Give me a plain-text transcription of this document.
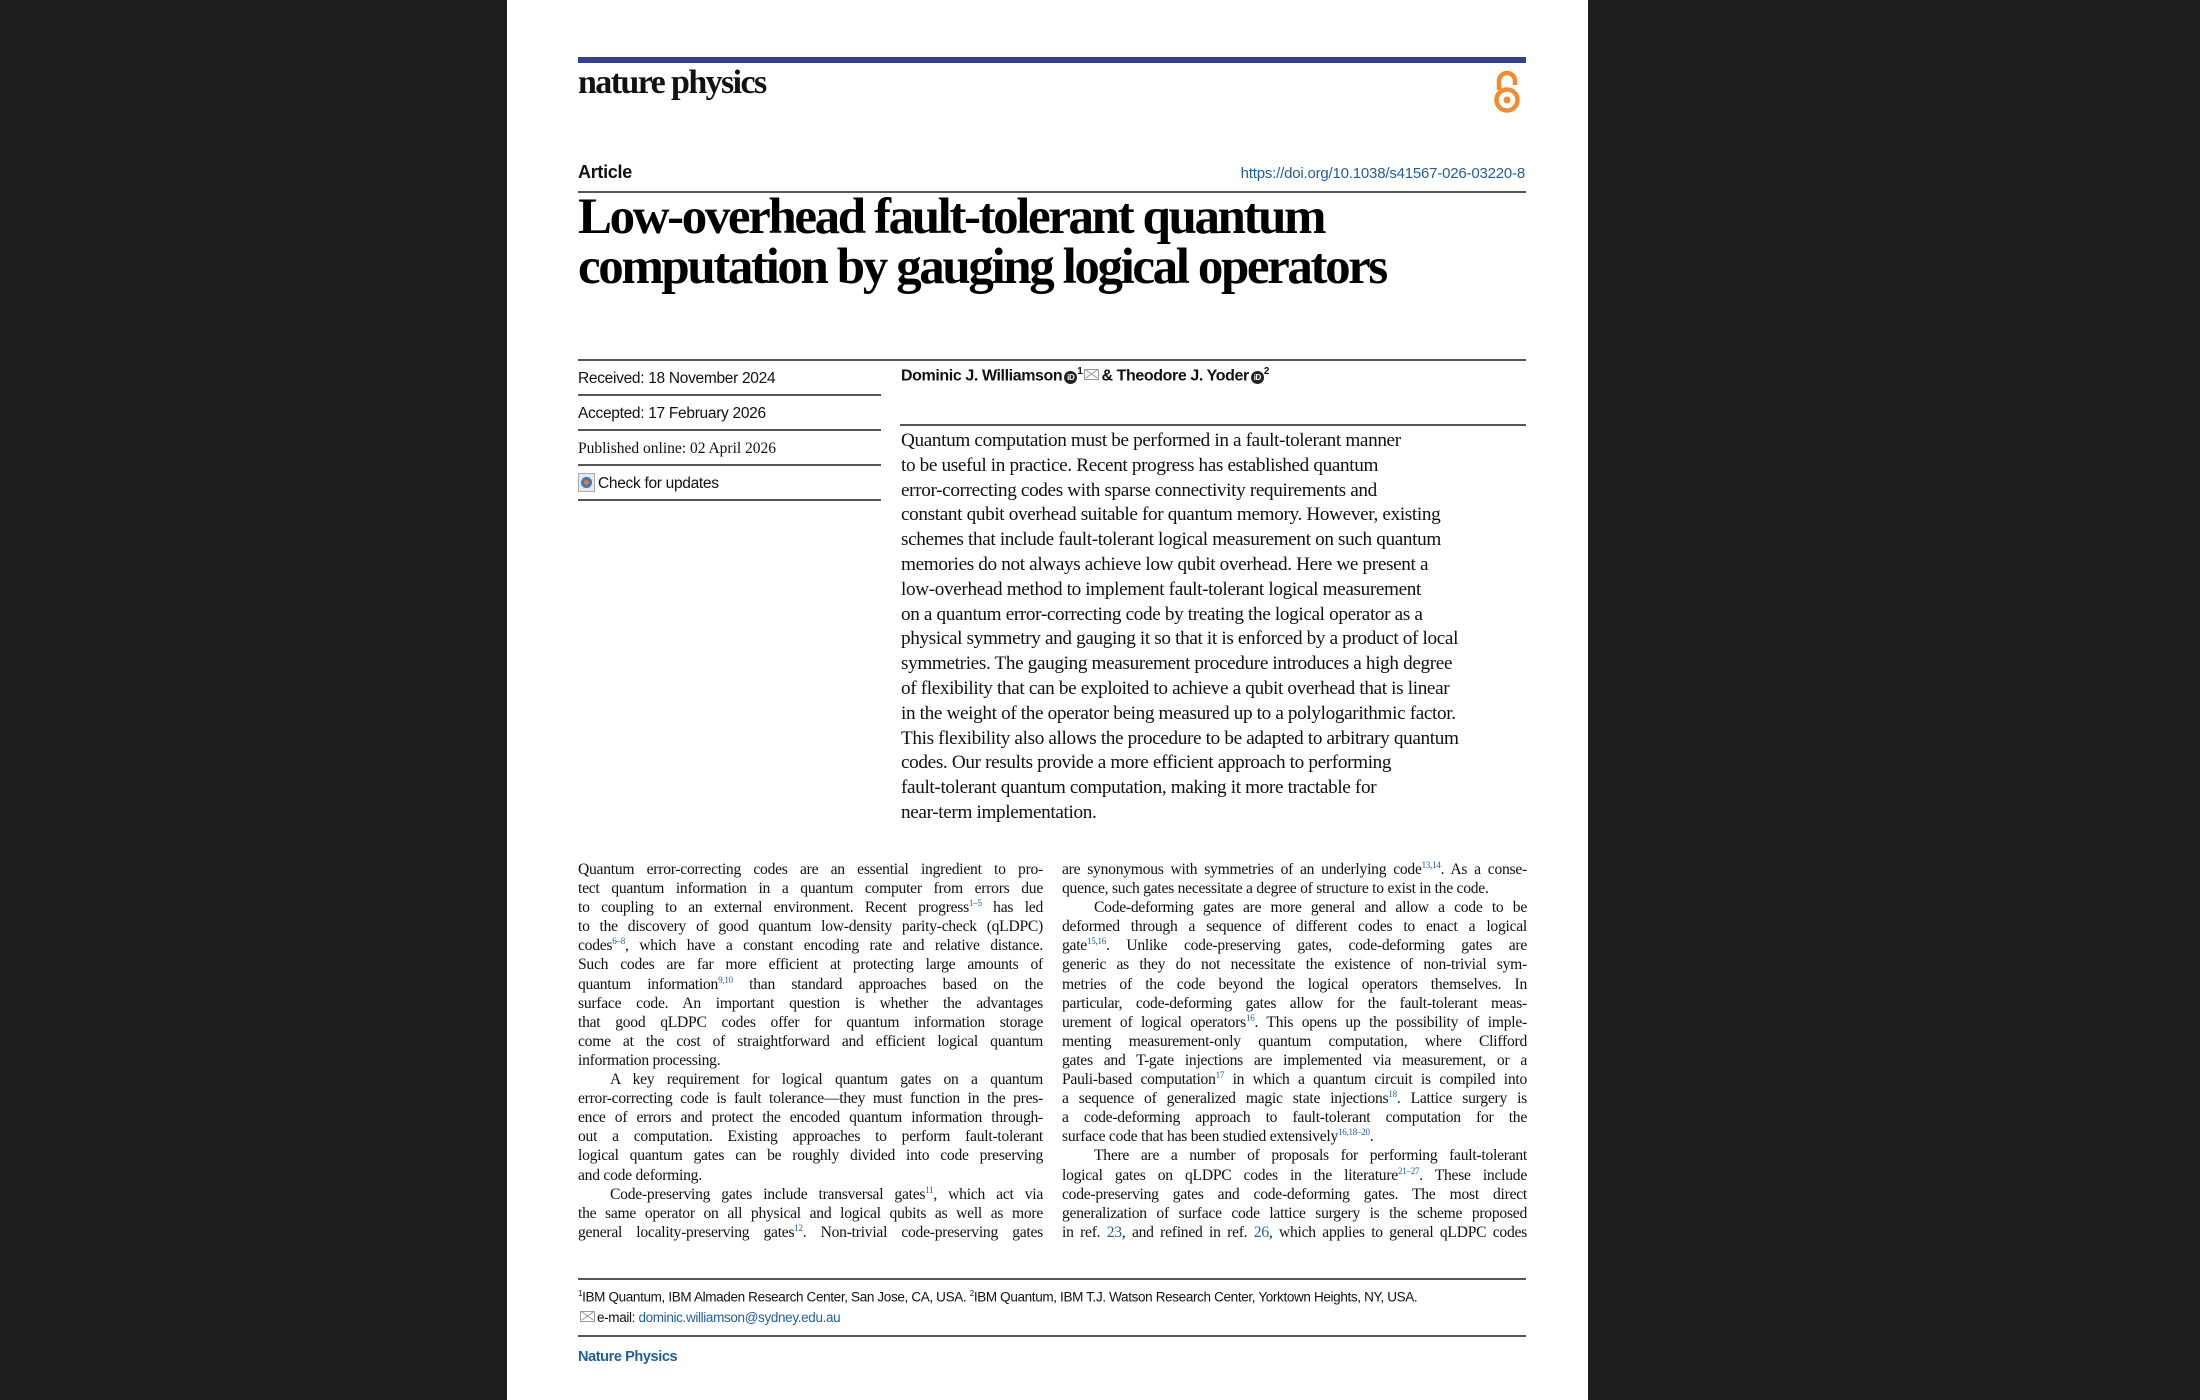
nature physics
Article	https://doi.org/10.1038/s41567-026-03220-8
Low-overhead fault-tolerant quantum
computation by gauging logical operators
Received: 18 November 2024
Accepted: 17 February 2026
Published online: 02 April 2026
Check for updates
Dominic J. Williamson $iD^1$ & Theodore J. Yoder $iD^2$
Quantum computation must be performed in a fault-tolerant manner
to be useful in practice. Recent progress has established quantum
error-correcting codes with sparse connectivity requirements and
constant qubit overhead suitable for quantum memory. However, existing
schemes that include fault-tolerant logical measurement on such quantum
memories do not always achieve low qubit overhead. Here we present a
low-overhead method to implement fault-tolerant logical measurement
on a quantum error-correcting code by treating the logical operator as a
physical symmetry and gauging it so that it is enforced by a product of local
symmetries. The gauging measurement procedure introduces a high degree
of flexibility that can be exploited to achieve a qubit overhead that is linear
in the weight of the operator being measured up to a polylogarithmic factor.
This flexibility also allows the procedure to be adapted to arbitrary quantum
codes. Our results provide a more efficient approach to performing
fault-tolerant quantum computation, making it more tractable for
near-term implementation.
Quantum error-correcting codes are an essential ingredient to pro-
tect quantum information in a quantum computer from errors due
to coupling to an external environment. Recent progress$^{1-5}$ has led
to the discovery of good quantum low-density parity-check (qLDPC)
codes$^{6-8}$, which have a constant encoding rate and relative distance.
Such codes are far more efficient at protecting large amounts of
quantum information$^{9,10}$ than standard approaches based on the
surface code. An important question is whether the advantages
that good qLDPC codes offer for quantum information storage
come at the cost of straightforward and efficient logical quantum
information processing.
A key requirement for logical quantum gates on a quantum
error-correcting code is fault tolerance—they must function in the pres-
ence of errors and protect the encoded quantum information through-
out a computation. Existing approaches to perform fault-tolerant
logical quantum gates can be roughly divided into code preserving
and code deforming.
Code-preserving gates include transversal gates$^{11}$, which act via
the same operator on all physical and logical qubits as well as more
general locality-preserving gates$^{12}$. Non-trivial code-preserving gates
are synonymous with symmetries of an underlying code$^{13,14}$. As a conse-
quence, such gates necessitate a degree of structure to exist in the code.
Code-deforming gates are more general and allow a code to be
deformed through a sequence of different codes to enact a logical
gate$^{15,16}$. Unlike code-preserving gates, code-deforming gates are
generic as they do not necessitate the existence of non-trivial sym-
metries of the code beyond the logical operators themselves. In
particular, code-deforming gates allow for the fault-tolerant meas-
urement of logical operators$^{16}$. This opens up the possibility of imple-
menting measurement-only quantum computation, where Clifford
gates and T-gate injections are implemented via measurement, or a
Pauli-based computation$^{17}$ in which a quantum circuit is compiled into
a sequence of generalized magic state injections$^{18}$. Lattice surgery is
a code-deforming approach to fault-tolerant computation for the
surface code that has been studied extensively$^{16,18-20}$.
There are a number of proposals for performing fault-tolerant
logical gates on qLDPC codes in the literature$^{21-27}$. These include
code-preserving gates and code-deforming gates. The most direct
generalization of surface code lattice surgery is the scheme proposed
in ref. 23, and refined in ref. 26, which applies to general qLDPC codes
$^1$IBM Quantum, IBM Almaden Research Center, San Jose, CA, USA. $^2$IBM Quantum, IBM T.J. Watson Research Center, Yorktown Heights, NY, USA.
e-mail: dominic.williamson@sydney.edu.au
Nature Physics
